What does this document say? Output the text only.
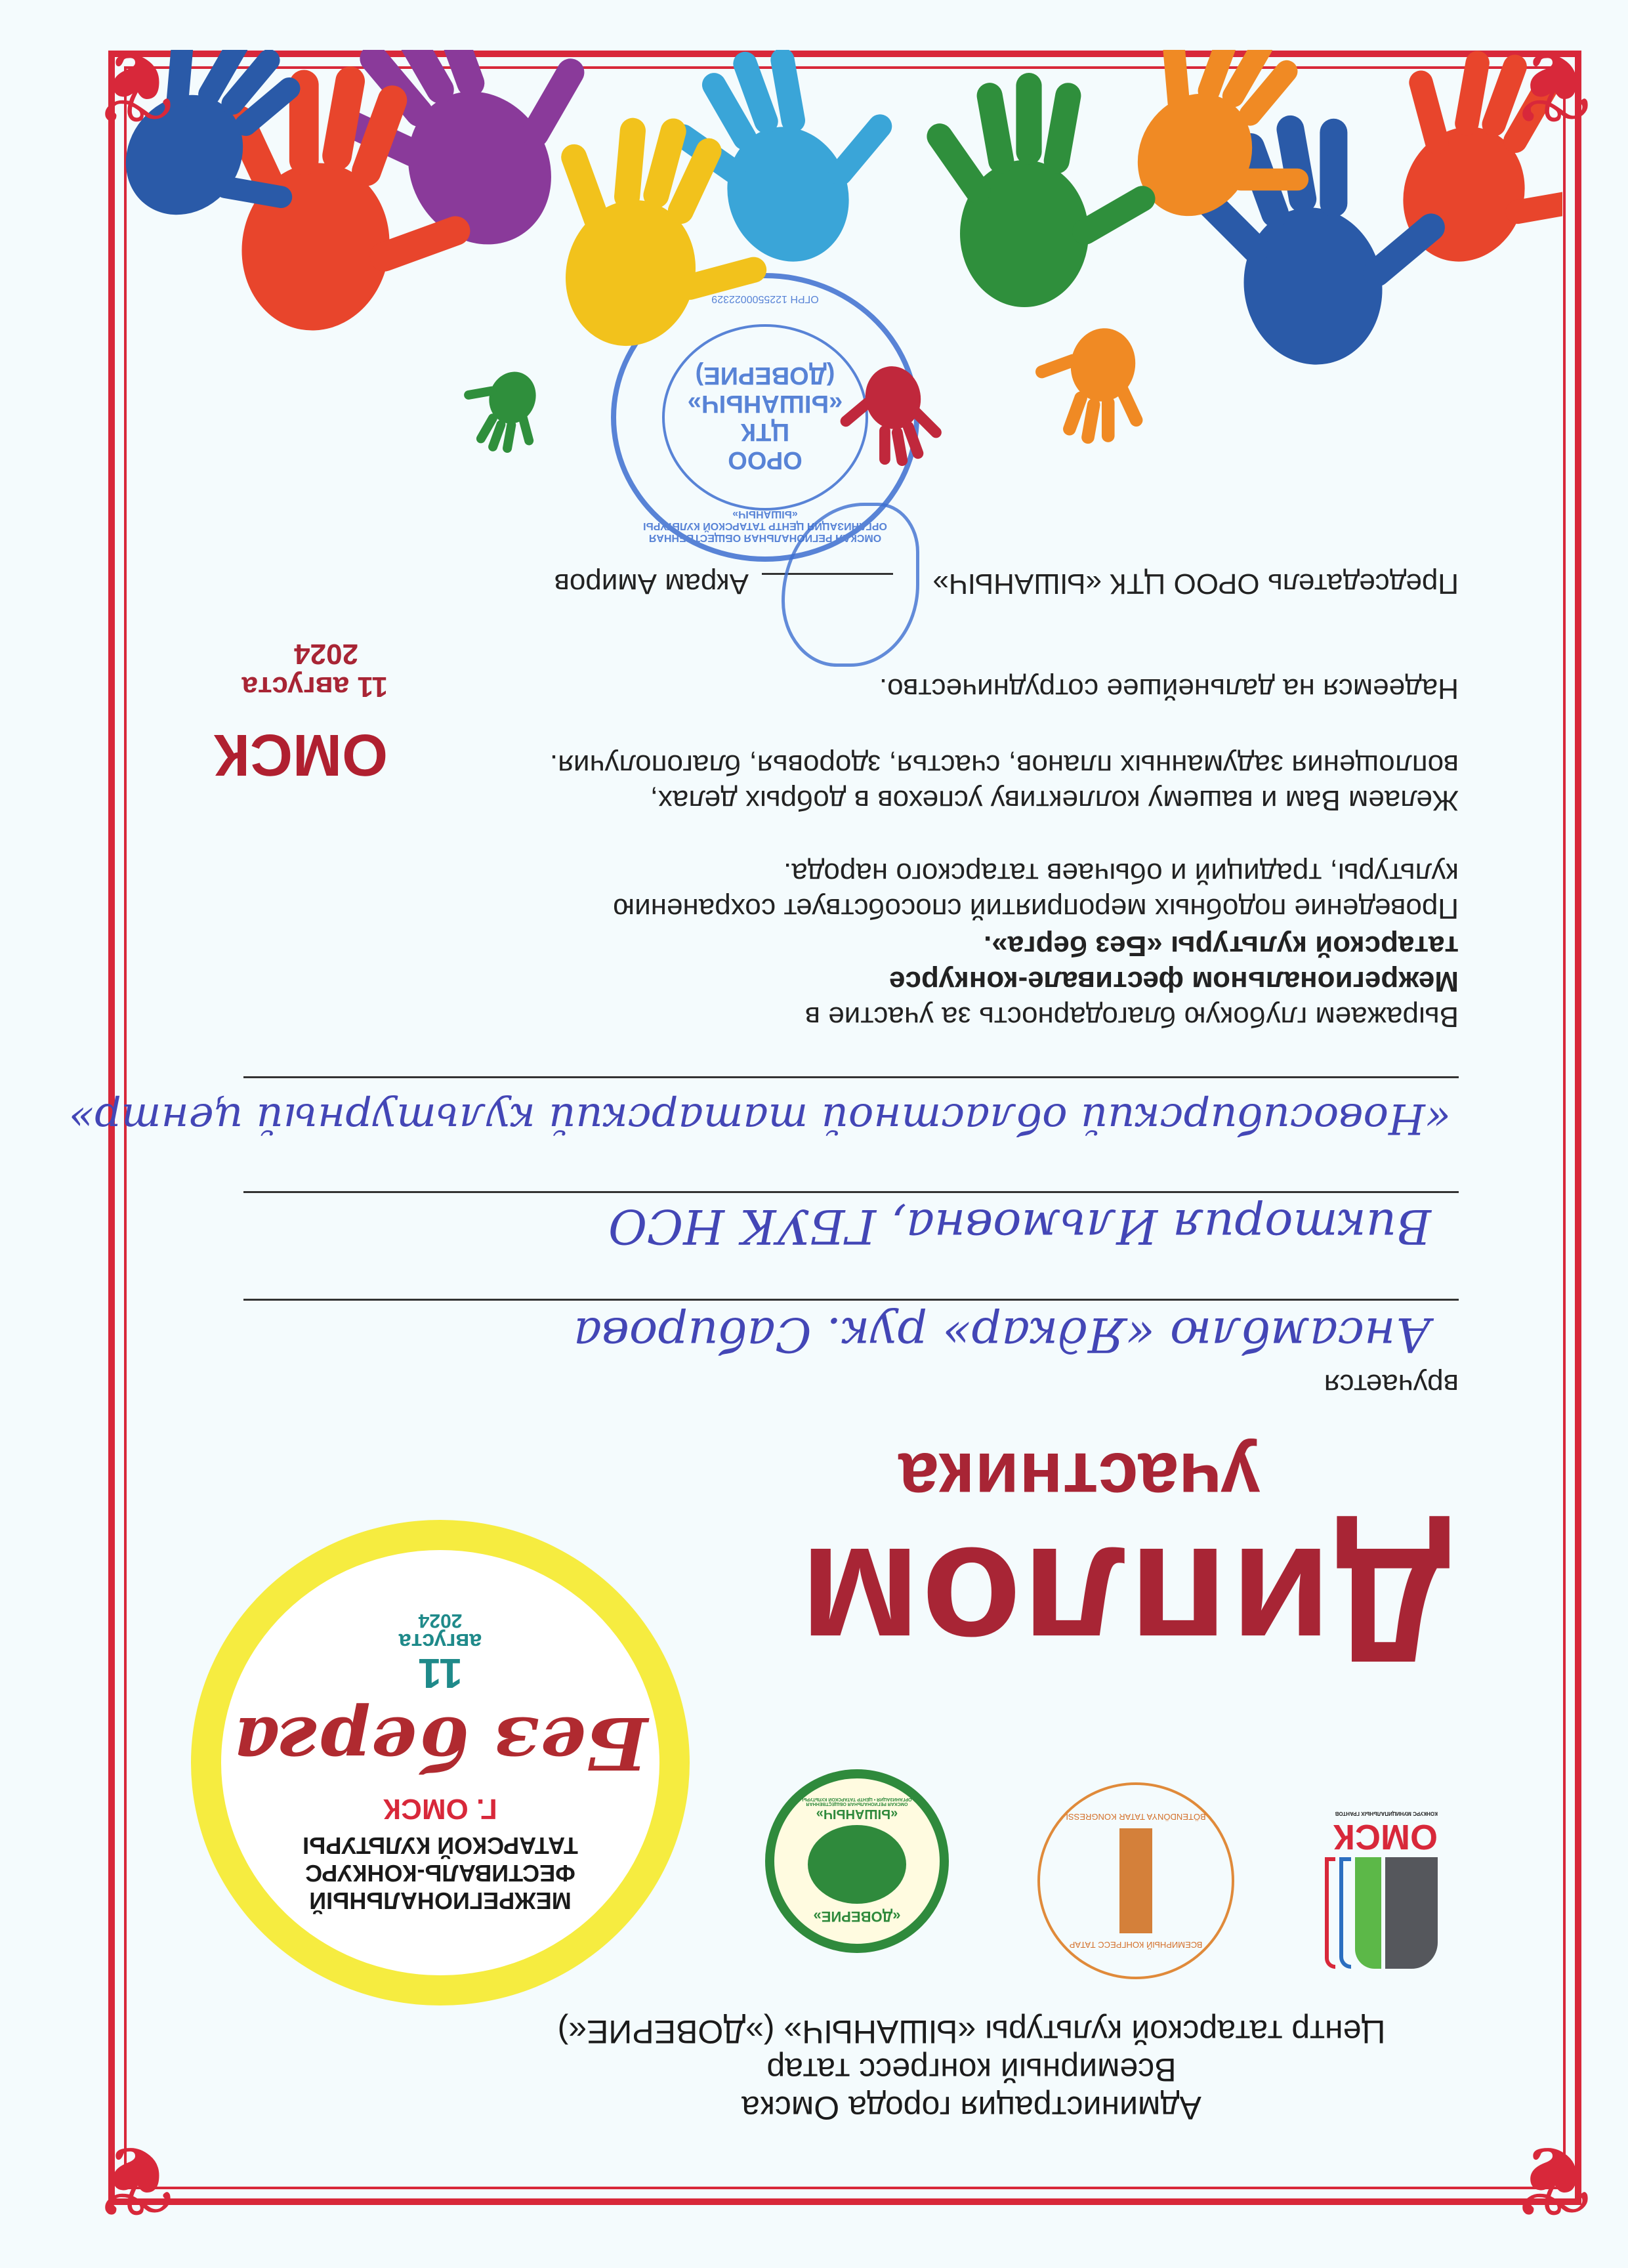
Администрация города Омска
Всемирный конгресс татар
Центр татарской культуры «ЫШАНЫЧ» (»ДОВЕРИЕ«)
ОМСК
КОНКУРС МУНИЦИПАЛЬНЫХ ГРАНТОВ
ВСЕМИРНЫЙ КОНГРЕСС ТАТАР
BÖTENDÖNYA TATAR KONGRESSI
«ДОВЕРИЕ»
«ЫШАНЫЧ»
ОМСКАЯ РЕГИОНАЛЬНАЯ ОБЩЕСТВЕННАЯ ОРГАНИЗАЦИЯ • ЦЕНТР ТАТАРСКОЙ КУЛЬТУРЫ
МЕЖРЕГИОНАЛЬНЫЙ ФЕСТИВАЛЬ-КОНКУРС ТАТАРСКОЙ КУЛЬТУРЫ
Г. ОМСК
Без берга
11
августа
2024 Диплом
участника
вручается
Ансамблю «Ядкар» рук. Сабирова
Виктория Ильмовна, ГБУК НСО
«Новосибирский областной татарский культурный центр»
Выражаем глубокую благодарность за участие в
Межрегиональном фестивале-конкурсе
татарской культуры «Без берга».
Проведение подобных мероприятий способствует сохранению
культуры, традиций и обычаев татарского народа.
Желаем Вам и вашему коллективу успехов в добрых делах,
воплощения задуманных планов, счастья, здоровья, благополучия.
Надеемся на дальнейшее сотрудничество.
ОМСК
11 августа
2024
Председатель ОРОО ЦТК «ЫШАНЫЧ»
Акрам Амиров
ОМСКАЯ РЕГИОНАЛЬНАЯ ОБЩЕСТВЕННАЯ ОРГАНИЗАЦИЯ ЦЕНТР ТАТАРСКОЙ КУЛЬТУРЫ «ЫШАНЫЧ»
ОРОО
ЦТК «ЫШАНЫЧ»
(ДОВЕРИЕ)
ОГРН 1225500022329
❦
❦
❦
❦
